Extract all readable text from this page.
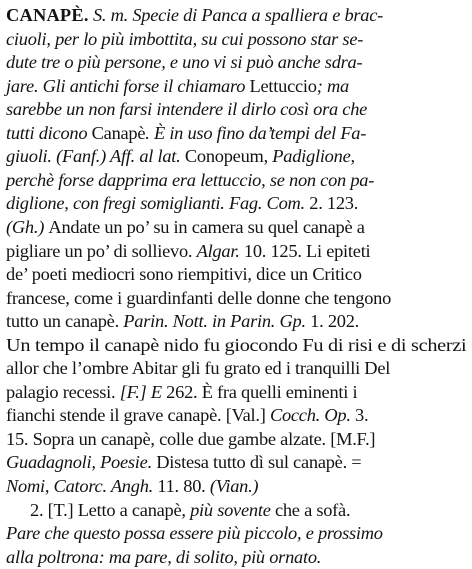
CANAPÈ. S. m. Specie di Panca a spalliera e brac-
ciuoli, per lo più imbottita, su cui possono star se-
dute tre o più persone, e uno vi si può anche sdra-
jare. Gli antichi forse il chiamaro Lettuccio; ma
sarebbe un non farsi intendere il dirlo così ora che
tutti dicono Canapè. È in uso fino da’tempi del Fa-
giuoli. (Fanf.) Aff. al lat. Conopeum, Padiglione,
perchè forse dapprima era lettuccio, se non con pa-
diglione, con fregi somiglianti. Fag. Com. 2. 123.
(Gh.) Andate un po’ su in camera su quel canapè a
pigliare un po’ di sollievo. Algar. 10. 125. Li epiteti
de’ poeti mediocri sono riempitivi, dice un Critico
francese, come i guardinfanti delle donne che tengono
tutto un canapè. Parin. Nott. in Parin. Gp. 1. 202.
Un tempo il canapè nido fu giocondo Fu di risi e di scherzi
allor che l’ombre Abitar gli fu grato ed i tranquilli Del
palagio recessi. [F.] E 262. È fra quelli eminenti i
fianchi stende il grave canapè. [Val.] Cocch. Op. 3.
15. Sopra un canapè, colle due gambe alzate. [M.F.]
Guadagnoli, Poesie. Distesa tutto dì sul canapè. =
Nomi, Catorc. Angh. 11. 80. (Vian.)
2. [T.] Letto a canapè, più sovente che a sofà.
Pare che questo possa essere più piccolo, e prossimo
alla poltrona: ma pare, di solito, più ornato.
